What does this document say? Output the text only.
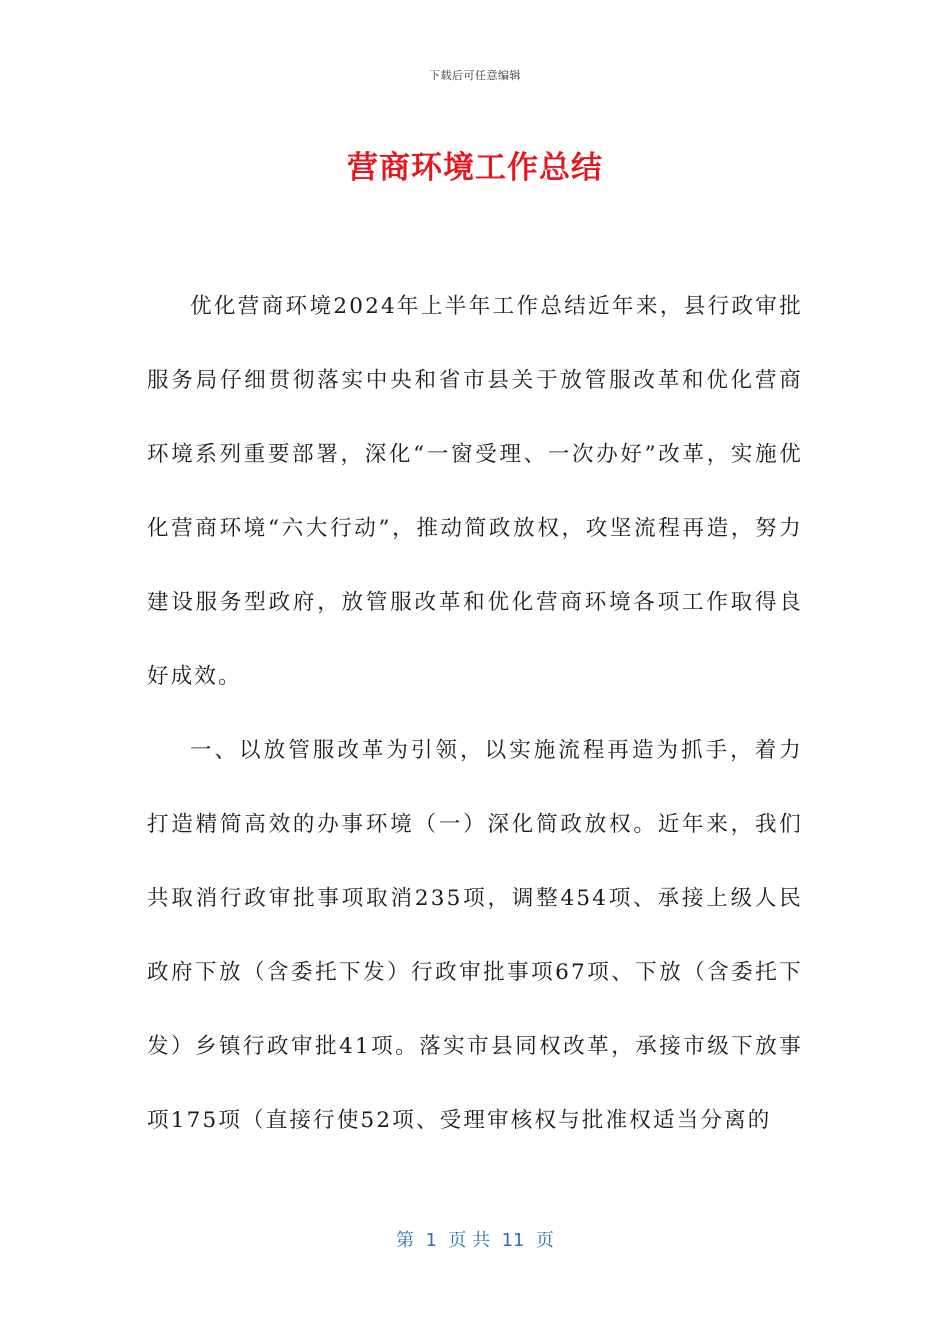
下载后可任意编辑
营商环境工作总结

优化营商环境2024年上半年工作总结近年来，县行政审批服务局仔细贯彻落实中央和省市县关于放管服改革和优化营商环境系列重要部署，深化“一窗受理、一次办好”改革，实施优化营商环境“六大行动”，推动简政放权，攻坚流程再造，努力建设服务型政府，放管服改革和优化营商环境各项工作取得良好成效。

一、以放管服改革为引领，以实施流程再造为抓手，着力打造精简高效的办事环境（一）深化简政放权。近年来，我们共取消行政审批事项取消235项，调整454项、承接上级人民政府下放（含委托下发）行政审批事项67项、下放（含委托下发）乡镇行政审批41项。落实市县同权改革，承接市级下放事项175项（直接行使52项、受理审核权与批准权适当分离的

第  1  页 共  11  页
